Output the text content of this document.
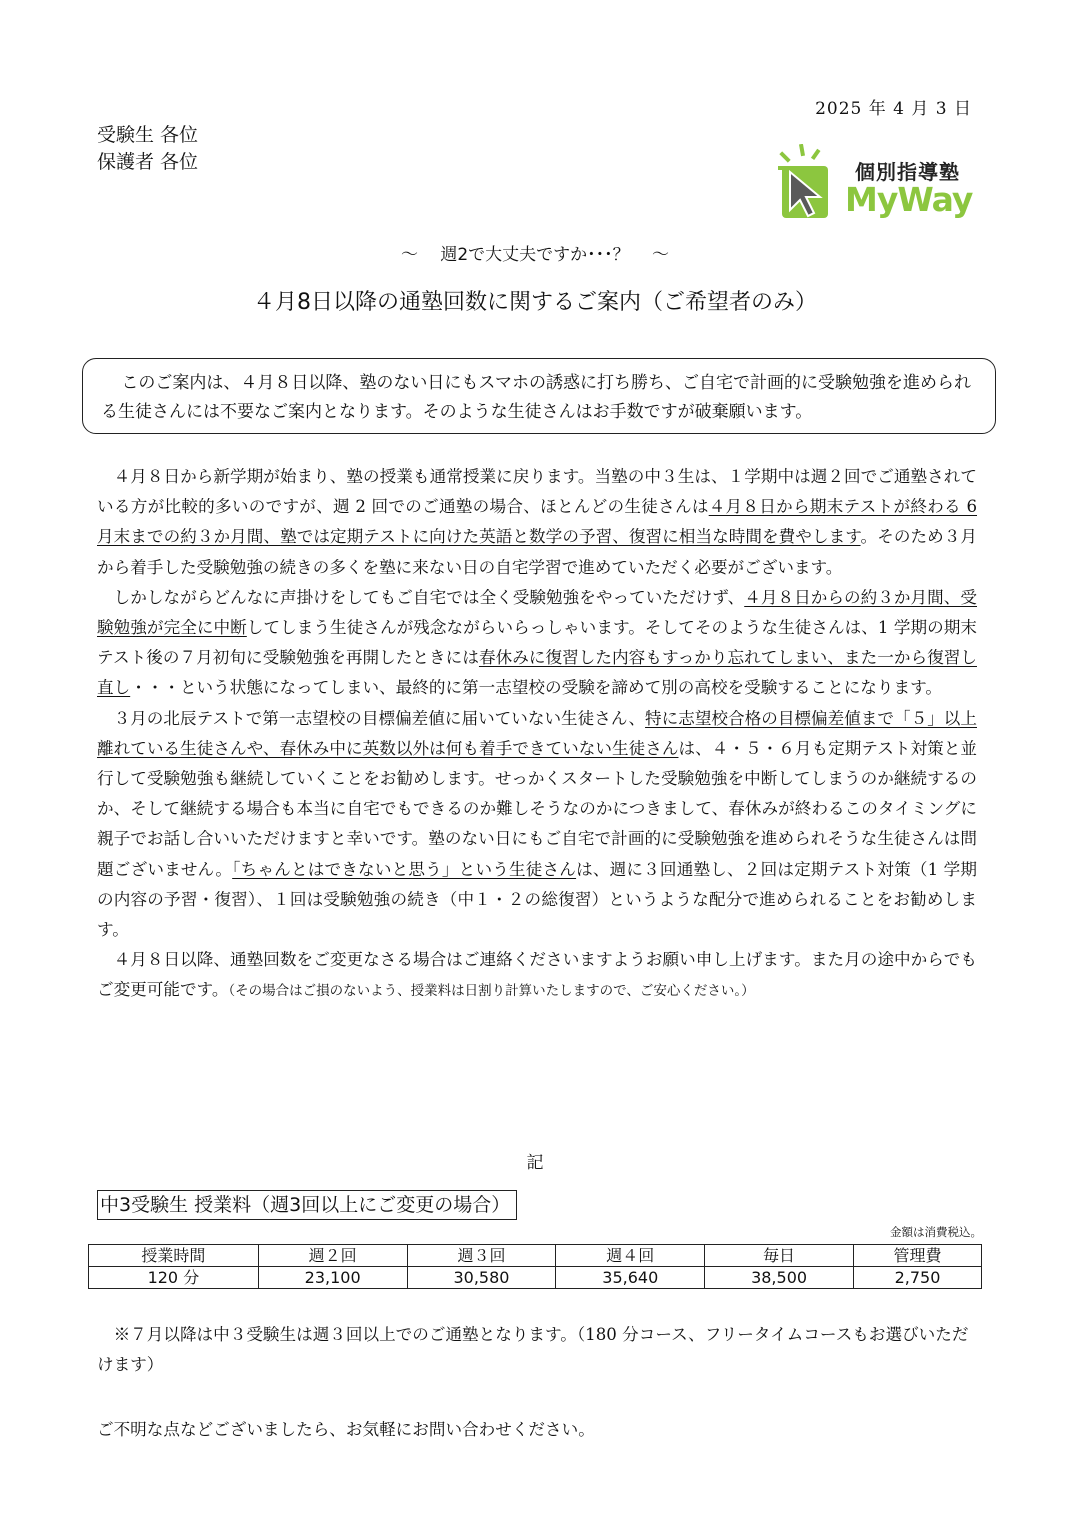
2025 年 4 月 3 日
受験生 各位
保護者 各位	個別指導塾
MyWay
〜　 週2で大丈夫ですか･･･？　 〜
４月8日以降の通塾回数に関するご案内（ご希望者のみ）
このご案内は、４月８日以降、塾のない日にもスマホの誘惑に打ち勝ち、ご自宅で計画的に受験勉強を進められる生徒さんには不要なご案内となります。そのような生徒さんはお手数ですが破棄願います。

４月８日から新学期が始まり、塾の授業も通常授業に戻ります。当塾の中３生は、１学期中は週２回でご通塾されている方が比較的多いのですが、週 2 回でのご通塾の場合、ほとんどの生徒さんは４月８日から期末テストが終わる 6 月末までの約３か月間、塾では定期テストに向けた英語と数学の予習、復習に相当な時間を費やします。そのため３月から着手した受験勉強の続きの多くを塾に来ない日の自宅学習で進めていただく必要がございます。

しかしながらどんなに声掛けをしてもご自宅では全く受験勉強をやっていただけず、４月８日からの約３か月間、受験勉強が完全に中断してしまう生徒さんが残念ながらいらっしゃいます。そしてそのような生徒さんは、1 学期の期末テスト後の７月初旬に受験勉強を再開したときには春休みに復習した内容もすっかり忘れてしまい、また一から復習し直し・・・という状態になってしまい、最終的に第一志望校の受験を諦めて別の高校を受験することになります。

３月の北辰テストで第一志望校の目標偏差値に届いていない生徒さん、特に志望校合格の目標偏差値まで「５」以上離れている生徒さんや、春休み中に英数以外は何も着手できていない生徒さんは、４・５・６月も定期テスト対策と並行して受験勉強も継続していくことをお勧めします。せっかくスタートした受験勉強を中断してしまうのか継続するのか、そして継続する場合も本当に自宅でもできるのか難しそうなのかにつきまして、春休みが終わるこのタイミングに親子でお話し合いいただけますと幸いです。塾のない日にもご自宅で計画的に受験勉強を進められそうな生徒さんは問題ございません。「ちゃんとはできないと思う」という生徒さんは、週に３回通塾し、２回は定期テスト対策（1 学期の内容の予習・復習）、１回は受験勉強の続き（中１・２の総復習）というような配分で進められることをお勧めします。

４月８日以降、通塾回数をご変更なさる場合はご連絡くださいますようお願い申し上げます。また月の途中からでもご変更可能です。（その場合はご損のないよう、授業料は日割り計算いたしますので、ご安心ください。）

記
中3受験生 授業料（週3回以上にご変更の場合）
金額は消費税込。
授業時間	週２回	週３回	週４回	毎日	管理費
120 分	23,100	30,580	35,640	38,500	2,750
※７月以降は中３受験生は週３回以上でのご通塾となります。（180 分コース、フリータイムコースもお選びいただけます）
ご不明な点などございましたら、お気軽にお問い合わせください。
